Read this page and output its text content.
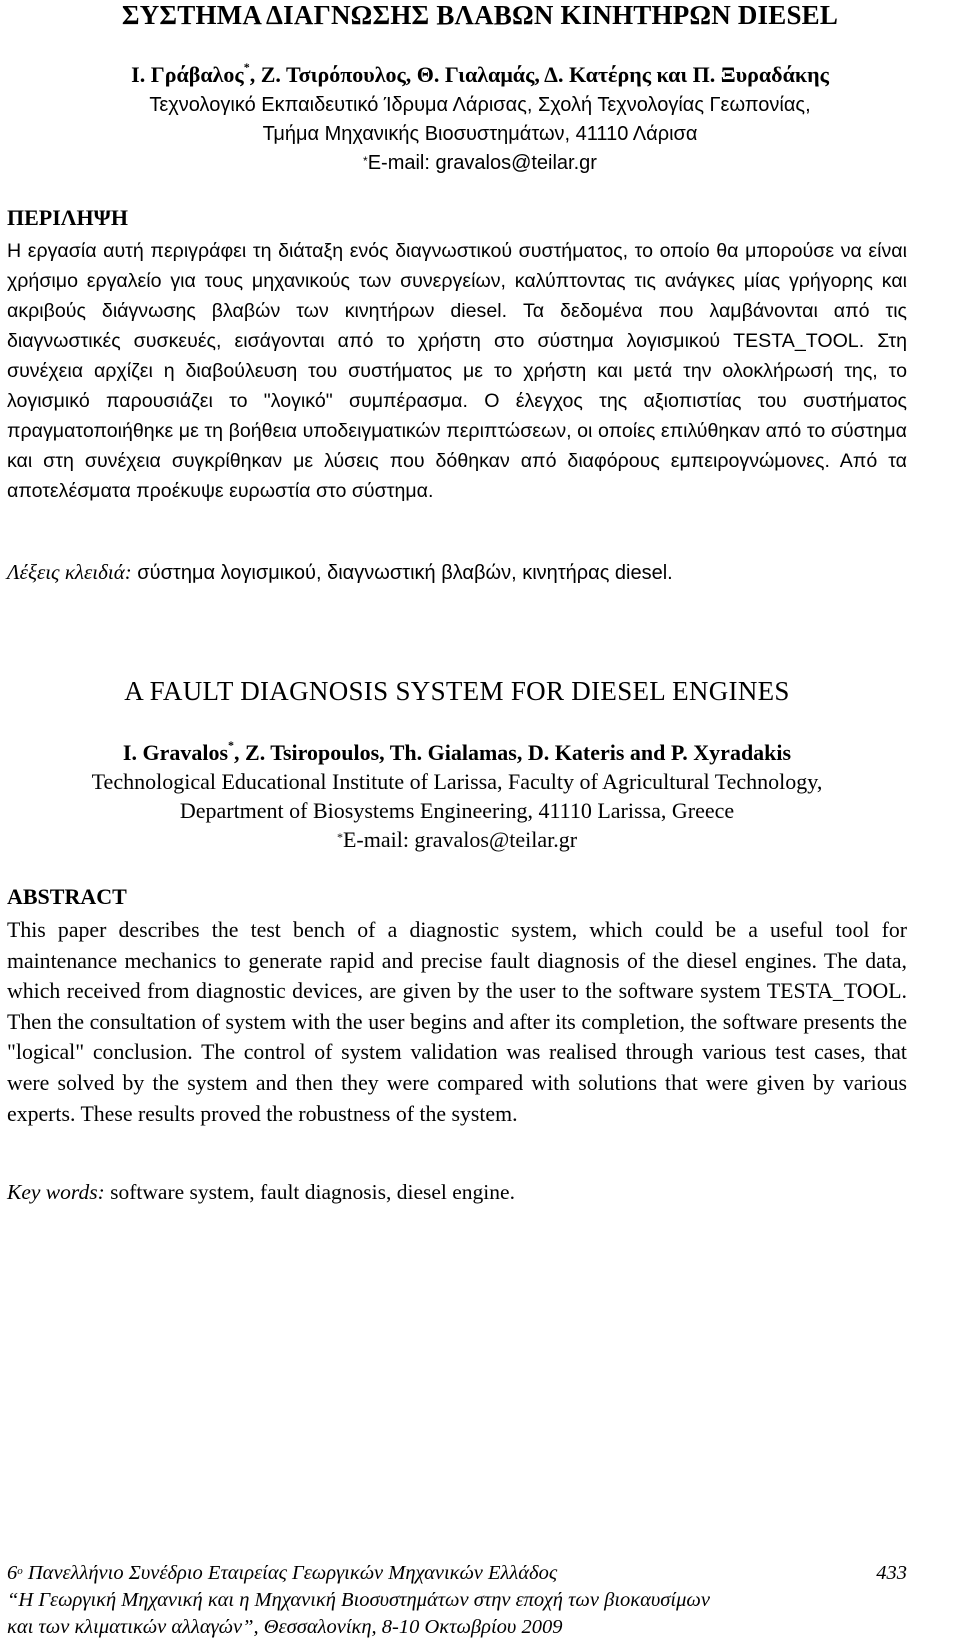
ΣΥΣΤΗΜΑ ΔΙΑΓΝΩΣΗΣ ΒΛΑΒΩΝ ΚΙΝΗΤΗΡΩΝ DIESEL
Ι. Γράβαλος*, Ζ. Τσιρόπουλος, Θ. Γιαλαμάς, Δ. Κατέρης και Π. Ξυραδάκης
Τεχνολογικό Εκπαιδευτικό Ίδρυμα Λάρισας, Σχολή Τεχνολογίας Γεωπονίας,
Τμήμα Μηχανικής Βιοσυστημάτων, 41110 Λάρισα
*E-mail: gravalos@teilar.gr
ΠΕΡΙΛΗΨΗ
Η εργασία αυτή περιγράφει τη διάταξη ενός διαγνωστικού συστήματος, το οποίο θα μπορούσε να είναι χρήσιμο εργαλείο για τους μηχανικούς των συνεργείων, καλύπτοντας τις ανάγκες μίας γρήγορης και ακριβούς διάγνωσης βλαβών των κινητήρων diesel. Τα δεδομένα που λαμβάνονται από τις διαγνωστικές συσκευές, εισάγονται από το χρήστη στο σύστημα λογισμικού TESTA_TOOL. Στη συνέχεια αρχίζει η διαβούλευση του συστήματος με το χρήστη και μετά την ολοκλήρωσή της, το λογισμικό παρουσιάζει το "λογικό" συμπέρασμα. Ο έλεγχος της αξιοπιστίας του συστήματος πραγματοποιήθηκε με τη βοήθεια υποδειγματικών περιπτώσεων, οι οποίες επιλύθηκαν από το σύστημα και στη συνέχεια συγκρίθηκαν με λύσεις που δόθηκαν από διαφόρους εμπειρογνώμονες. Από τα αποτελέσματα προέκυψε ευρωστία στο σύστημα.
Λέξεις κλειδιά: σύστημα λογισμικού, διαγνωστική βλαβών, κινητήρας diesel.
A FAULT DIAGNOSIS SYSTEM FOR DIESEL ENGINES
I. Gravalos*, Z. Tsiropoulos, Th. Gialamas, D. Kateris and P. Xyradakis
Technological Educational Institute of Larissa, Faculty of Agricultural Technology,
Department of Biosystems Engineering, 41110 Larissa, Greece
*E-mail: gravalos@teilar.gr
ABSTRACT
This paper describes the test bench of a diagnostic system, which could be a useful tool for maintenance mechanics to generate rapid and precise fault diagnosis of the diesel engines. The data, which received from diagnostic devices, are given by the user to the software system TESTA_TOOL. Then the consultation of system with the user begins and after its completion, the software presents the "logical" conclusion. The control of system validation was realised through various test cases, that were solved by the system and then they were compared with solutions that were given by various experts. These results proved the robustness of the system.
Key words: software system, fault diagnosis, diesel engine.
$6^o$ Πανελλήνιο Συνέδριο Εταιρείας Γεωργικών Μηχανικών Ελλάδος	433
“Η Γεωργική Μηχανική και η Μηχανική Βιοσυστημάτων στην εποχή των βιοκαυσίμων
και των κλιματικών αλλαγών”, Θεσσαλονίκη, 8-10 Οκτωβρίου 2009
